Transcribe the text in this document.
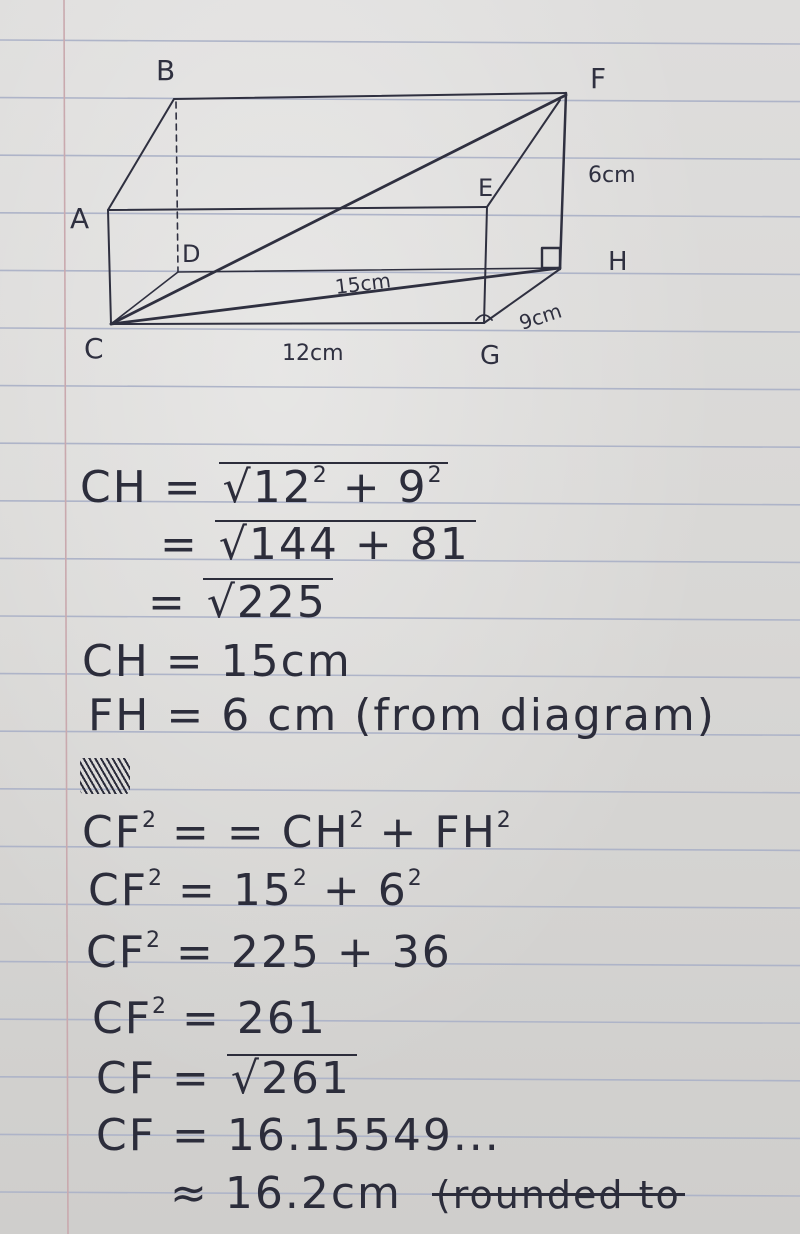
B
A
D
C
E
F
H
G
6cm
15cm
12cm
9cm
CH = $√12^2 + 9^2$
= √144 + 81
= √225
CH = 15cm
FH = 6 cm (from diagram)
$CF^2$ = = $CH^2 + FH^2$
$CF^2 = 15^2 + 6^2$
$CF^2 = 225 + 36$
$CF^2 = 261$
CF = √261
CF = 16.15549...
≈ 16.2cm (rounded to
